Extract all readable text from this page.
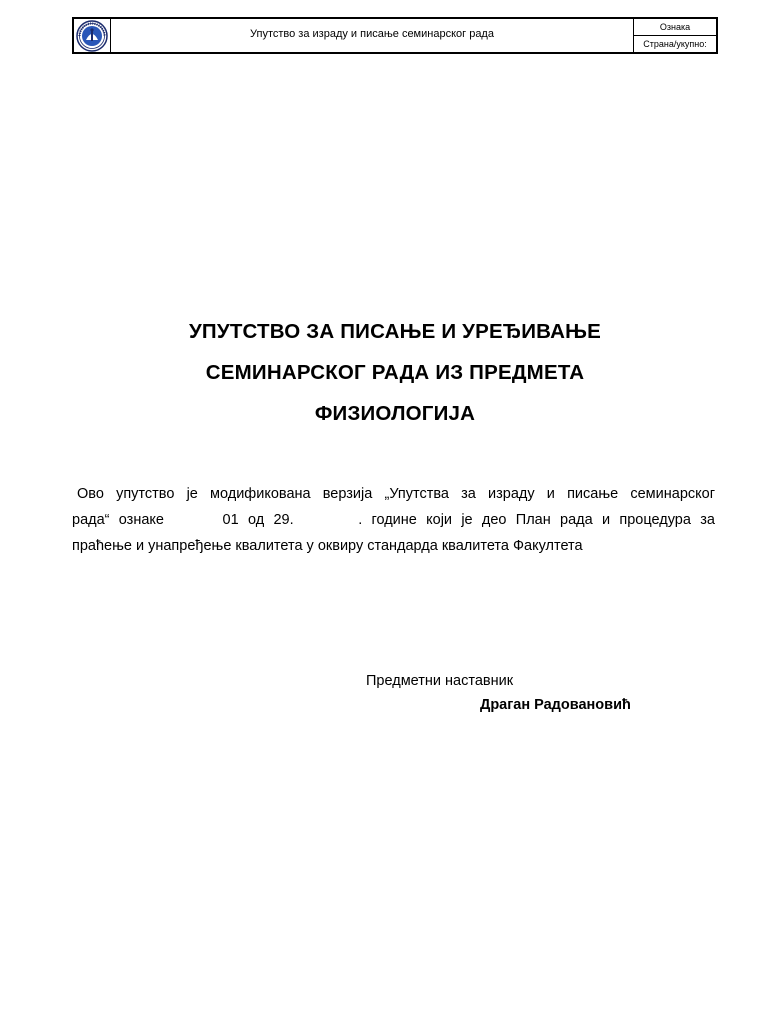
Упутство за израду и писање семинарског рада
Ознака
Страна/укупно:
УПУТСТВО ЗА ПИСАЊЕ И УРЕЂИВАЊЕ
СЕМИНАРСКОГ РАДА ИЗ ПРЕДМЕТА
ФИЗИОЛОГИЈА
Ово упутство је модификована верзија „Упутства за израду и писање семинарског
рада“ ознаке	01 од 29.	. године који је део План рада и процедура за
праћење и унапређење квалитета у оквиру стандарда квалитета Факултета
Предметни наставник
Драган Радовановић
